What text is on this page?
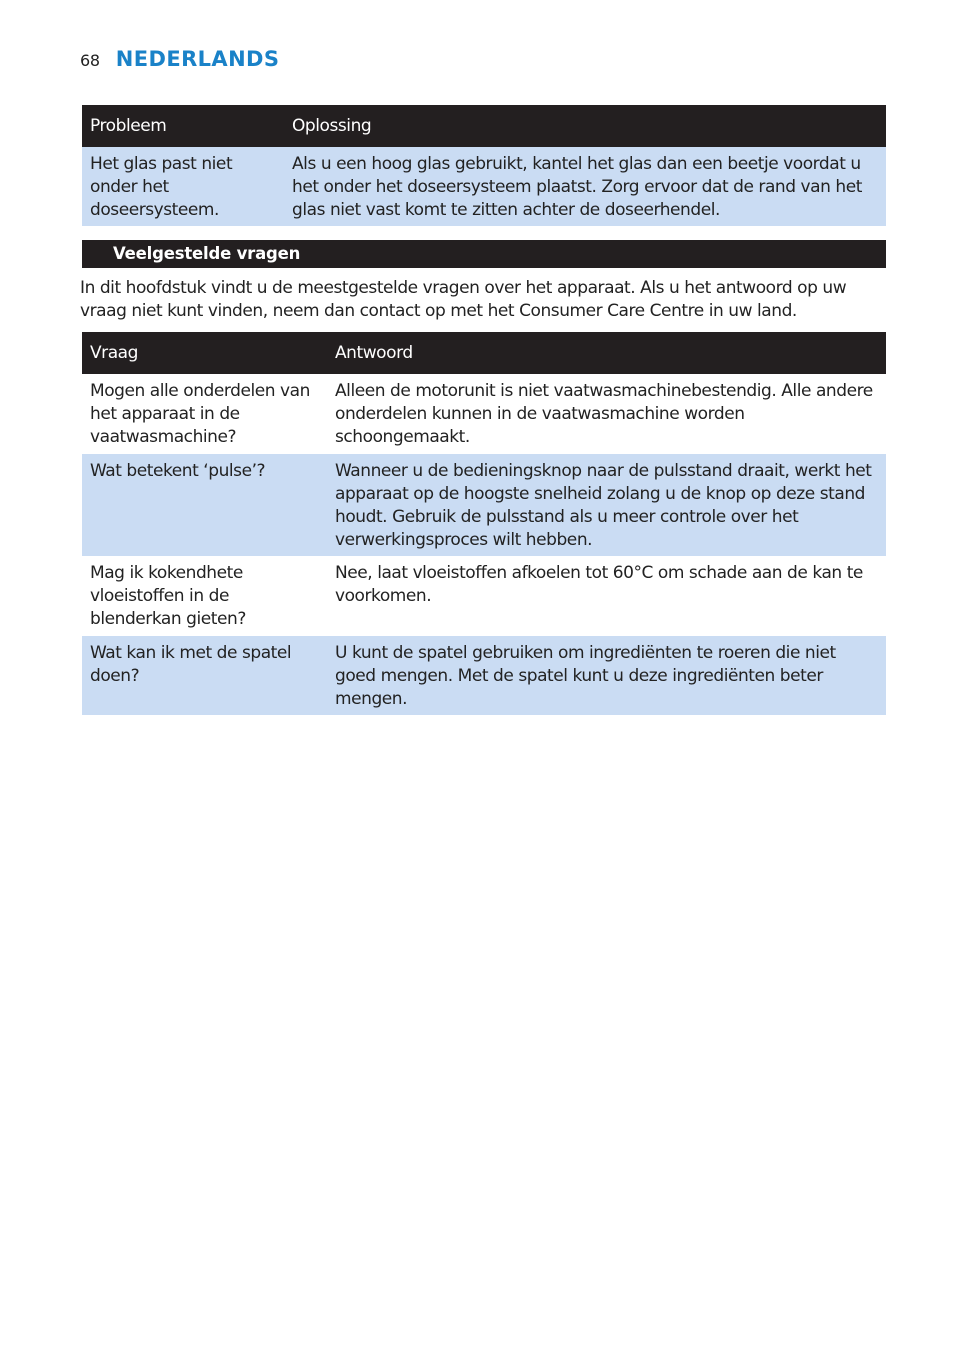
68 NEDERLANDS
Probleem	Oplossing
Het glas past niet onder het doseersysteem.	Als u een hoog glas gebruikt, kantel het glas dan een beetje voordat u het onder het doseersysteem plaatst. Zorg ervoor dat de rand van het glas niet vast komt te zitten achter de doseerhendel.
Veelgestelde vragen
In dit hoofdstuk vindt u de meestgestelde vragen over het apparaat. Als u het antwoord op uw vraag niet kunt vinden, neem dan contact op met het Consumer Care Centre in uw land.
Vraag	Antwoord
Mogen alle onderdelen van het apparaat in de vaatwasmachine?	Alleen de motorunit is niet vaatwasmachinebestendig. Alle andere onderdelen kunnen in de vaatwasmachine worden schoongemaakt.
Wat betekent ‘pulse’?	Wanneer u de bedieningsknop naar de pulsstand draait, werkt het apparaat op de hoogste snelheid zolang u de knop op deze stand houdt. Gebruik de pulsstand als u meer controle over het verwerkingsproces wilt hebben.
Mag ik kokendhete vloeistoffen in de blenderkan gieten?	Nee, laat vloeistoffen afkoelen tot 60°C om schade aan de kan te voorkomen.
Wat kan ik met de spatel doen?	U kunt de spatel gebruiken om ingrediënten te roeren die niet goed mengen. Met de spatel kunt u deze ingrediënten beter mengen.
